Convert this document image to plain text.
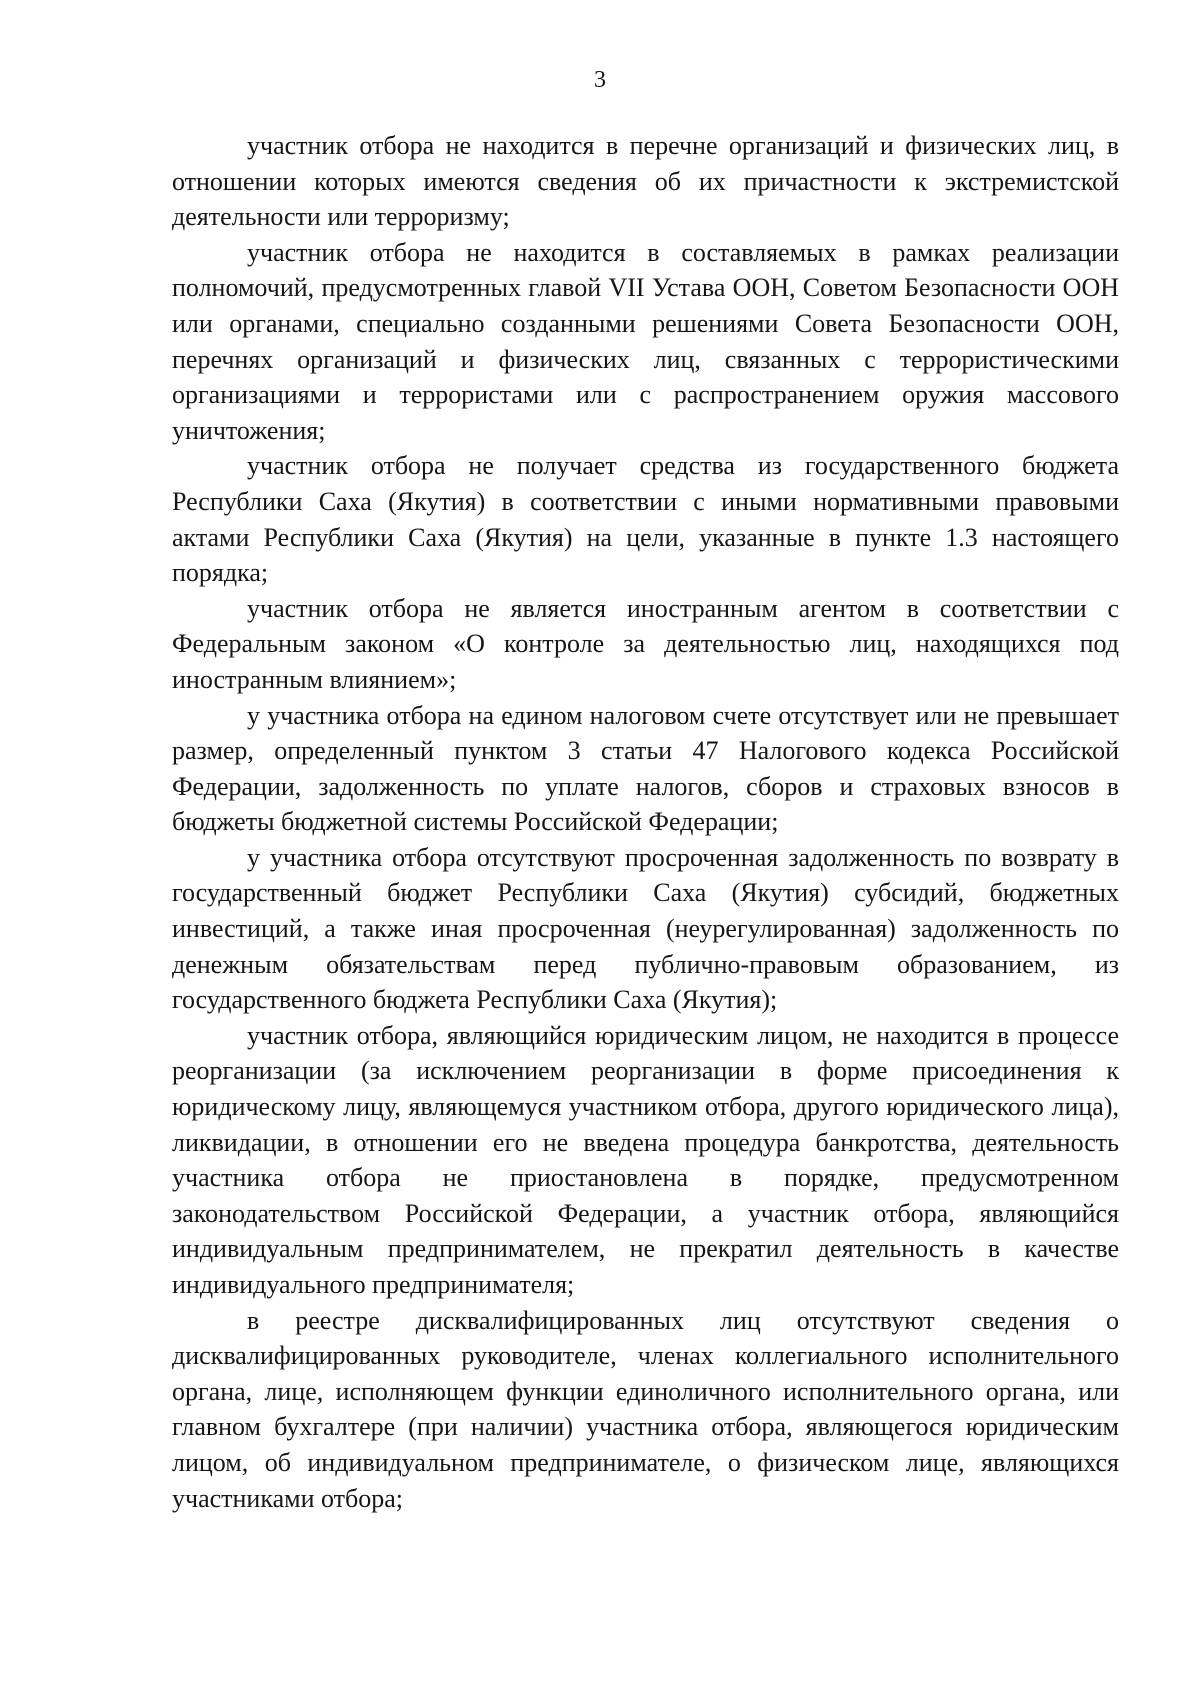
3

участник отбора не находится в перечне организаций и физических лиц, в отношении которых имеются сведения об их причастности к экстремистской деятельности или терроризму;

участник отбора не находится в составляемых в рамках реализации полномочий, предусмотренных главой VII Устава ООН, Советом Безопасности ООН или органами, специально созданными решениями Совета Безопасности ООН, перечнях организаций и физических лиц, связанных с террористическими организациями и террористами или с распространением оружия массового уничтожения;

участник отбора не получает средства из государственного бюджета Республики Саха (Якутия) в соответствии с иными нормативными правовыми актами Республики Саха (Якутия) на цели, указанные в пункте 1.3 настоящего порядка;

участник отбора не является иностранным агентом в соответствии с Федеральным законом «О контроле за деятельностью лиц, находящихся под иностранным влиянием»;

у участника отбора на едином налоговом счете отсутствует или не превышает размер, определенный пунктом 3 статьи 47 Налогового кодекса Российской Федерации, задолженность по уплате налогов, сборов и страховых взносов в бюджеты бюджетной системы Российской Федерации;

у участника отбора отсутствуют просроченная задолженность по возврату в государственный бюджет Республики Саха (Якутия) субсидий, бюджетных инвестиций, а также иная просроченная (неурегулированная) задолженность по денежным обязательствам перед публично-правовым образованием, из государственного бюджета Республики Саха (Якутия);

участник отбора, являющийся юридическим лицом, не находится в процессе реорганизации (за исключением реорганизации в форме присоединения к юридическому лицу, являющемуся участником отбора, другого юридического лица), ликвидации, в отношении его не введена процедура банкротства, деятельность участника отбора не приостановлена в порядке, предусмотренном законодательством Российской Федерации, а участник отбора, являющийся индивидуальным предпринимателем, не прекратил деятельность в качестве индивидуального предпринимателя;

в реестре дисквалифицированных лиц отсутствуют сведения о дисквалифицированных руководителе, членах коллегиального исполнительного органа, лице, исполняющем функции единоличного исполнительного органа, или главном бухгалтере (при наличии) участника отбора, являющегося юридическим лицом, об индивидуальном предпринимателе, о физическом лице, являющихся участниками отбора;
